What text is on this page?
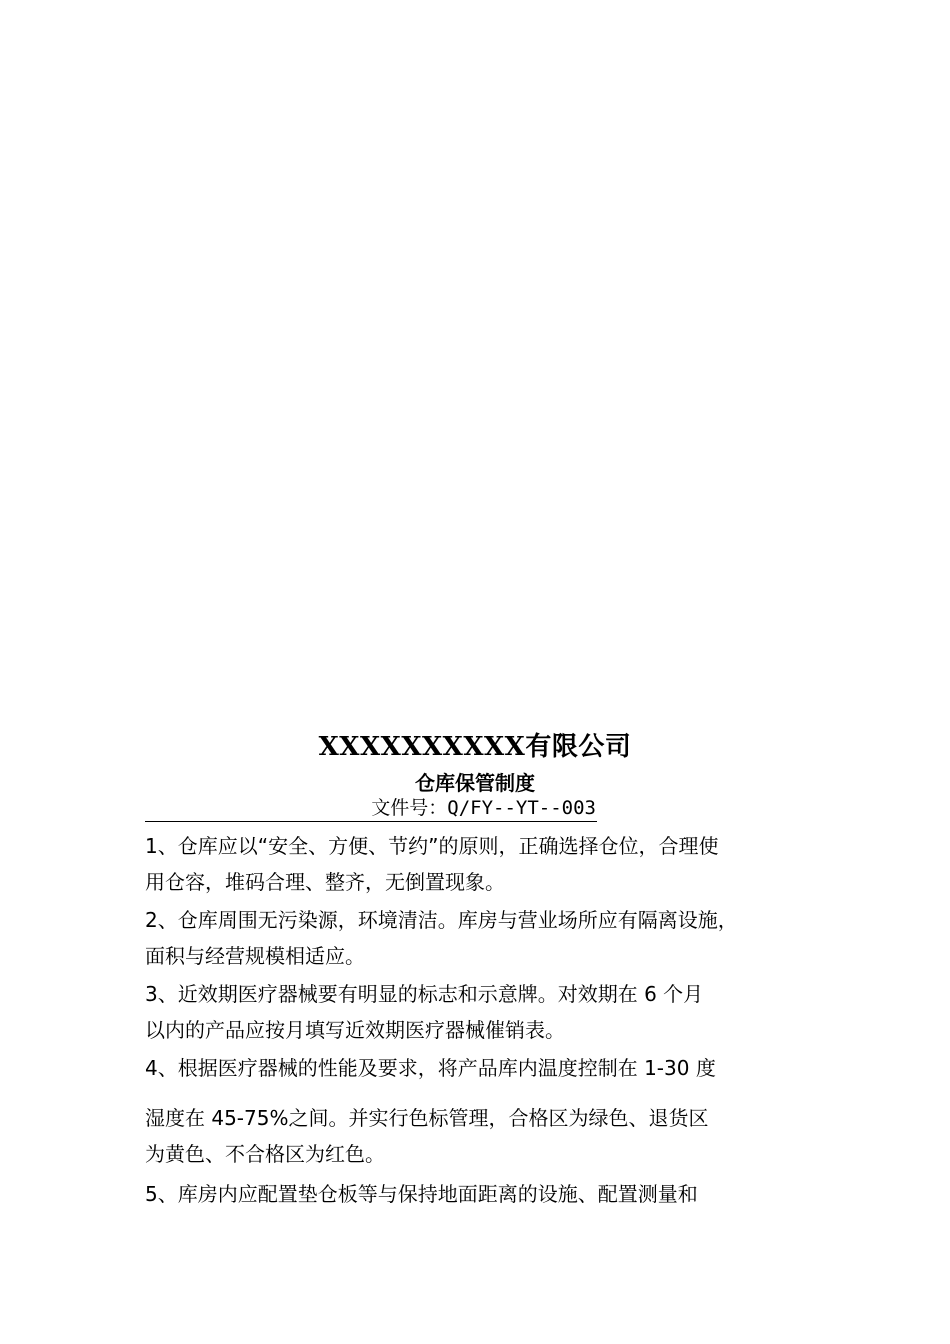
XXXXXXXXXX有限公司
仓库保管制度
文件号：Q/FY--YT--003

1、仓库应以“安全、方便、节约”的原则，正确选择仓位，合理使
用仓容，堆码合理、整齐，无倒置现象。

2、仓库周围无污染源，环境清洁。库房与营业场所应有隔离设施，
面积与经营规模相适应。

3、近效期医疗器械要有明显的标志和示意牌。对效期在 6 个月
以内的产品应按月填写近效期医疗器械催销表。

4、根据医疗器械的性能及要求，将产品库内温度控制在 1-30 度

湿度在 45-75%之间。并实行色标管理，合格区为绿色、退货区
为黄色、不合格区为红色。

5、库房内应配置垫仓板等与保持地面距离的设施、配置测量和
